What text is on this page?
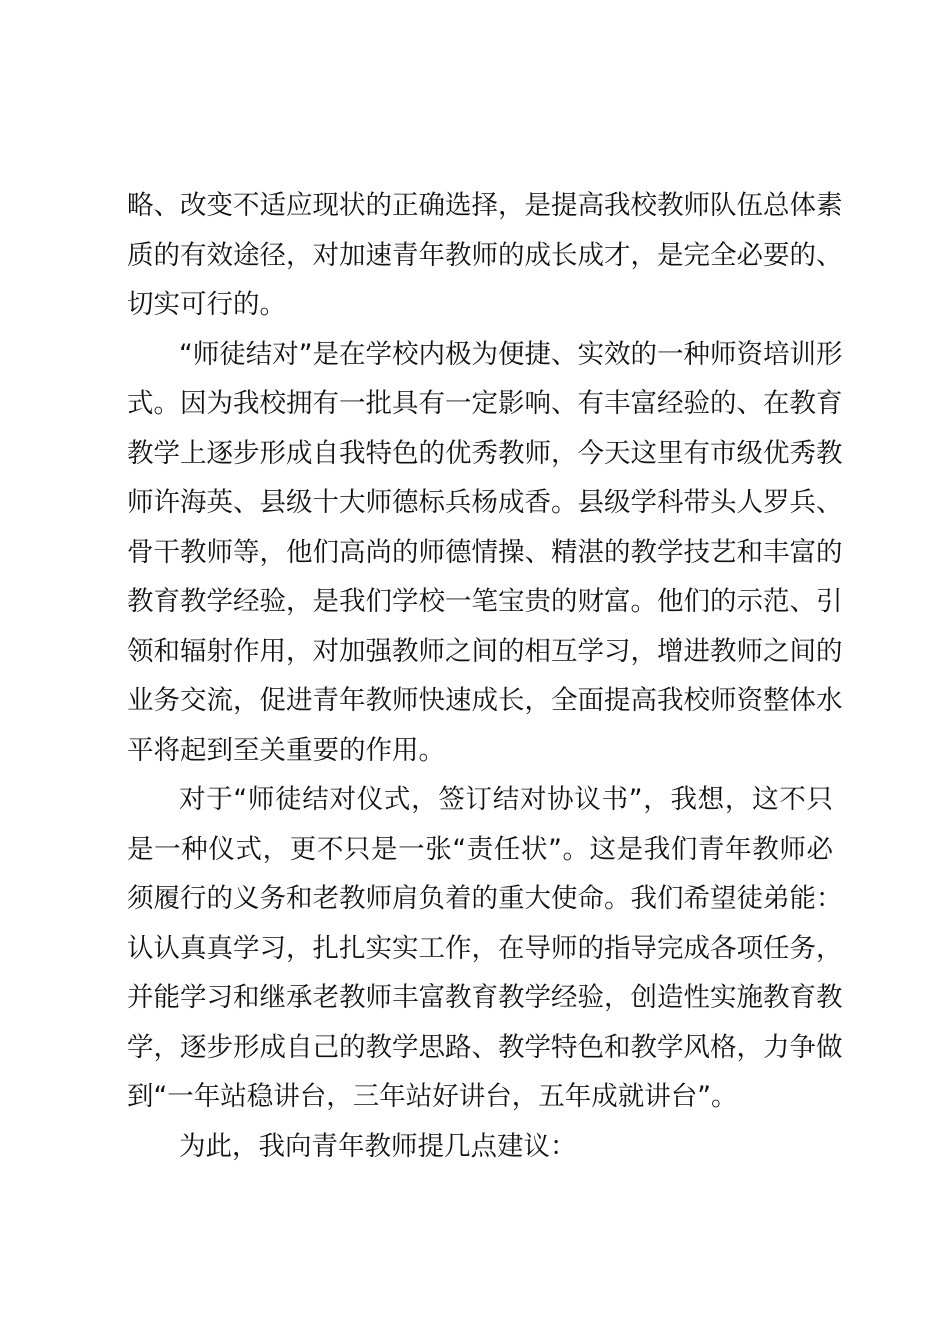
略、改变不适应现状的正确选择，是提高我校教师队伍总体素
质的有效途径，对加速青年教师的成长成才，是完全必要的、
切实可行的。
“师徒结对”是在学校内极为便捷、实效的一种师资培训形
式。因为我校拥有一批具有一定影响、有丰富经验的、在教育
教学上逐步形成自我特色的优秀教师，今天这里有市级优秀教
师许海英、县级十大师德标兵杨成香。县级学科带头人罗兵、
骨干教师等，他们高尚的师德情操、精湛的教学技艺和丰富的
教育教学经验，是我们学校一笔宝贵的财富。他们的示范、引
领和辐射作用，对加强教师之间的相互学习，增进教师之间的
业务交流，促进青年教师快速成长，全面提高我校师资整体水
平将起到至关重要的作用。
对于“师徒结对仪式，签订结对协议书”，我想，这不只
是一种仪式，更不只是一张“责任状”。这是我们青年教师必
须履行的义务和老教师肩负着的重大使命。我们希望徒弟能：
认认真真学习，扎扎实实工作，在导师的指导完成各项任务，
并能学习和继承老教师丰富教育教学经验，创造性实施教育教
学，逐步形成自己的教学思路、教学特色和教学风格，力争做
到“一年站稳讲台，三年站好讲台，五年成就讲台”。
为此，我向青年教师提几点建议：
